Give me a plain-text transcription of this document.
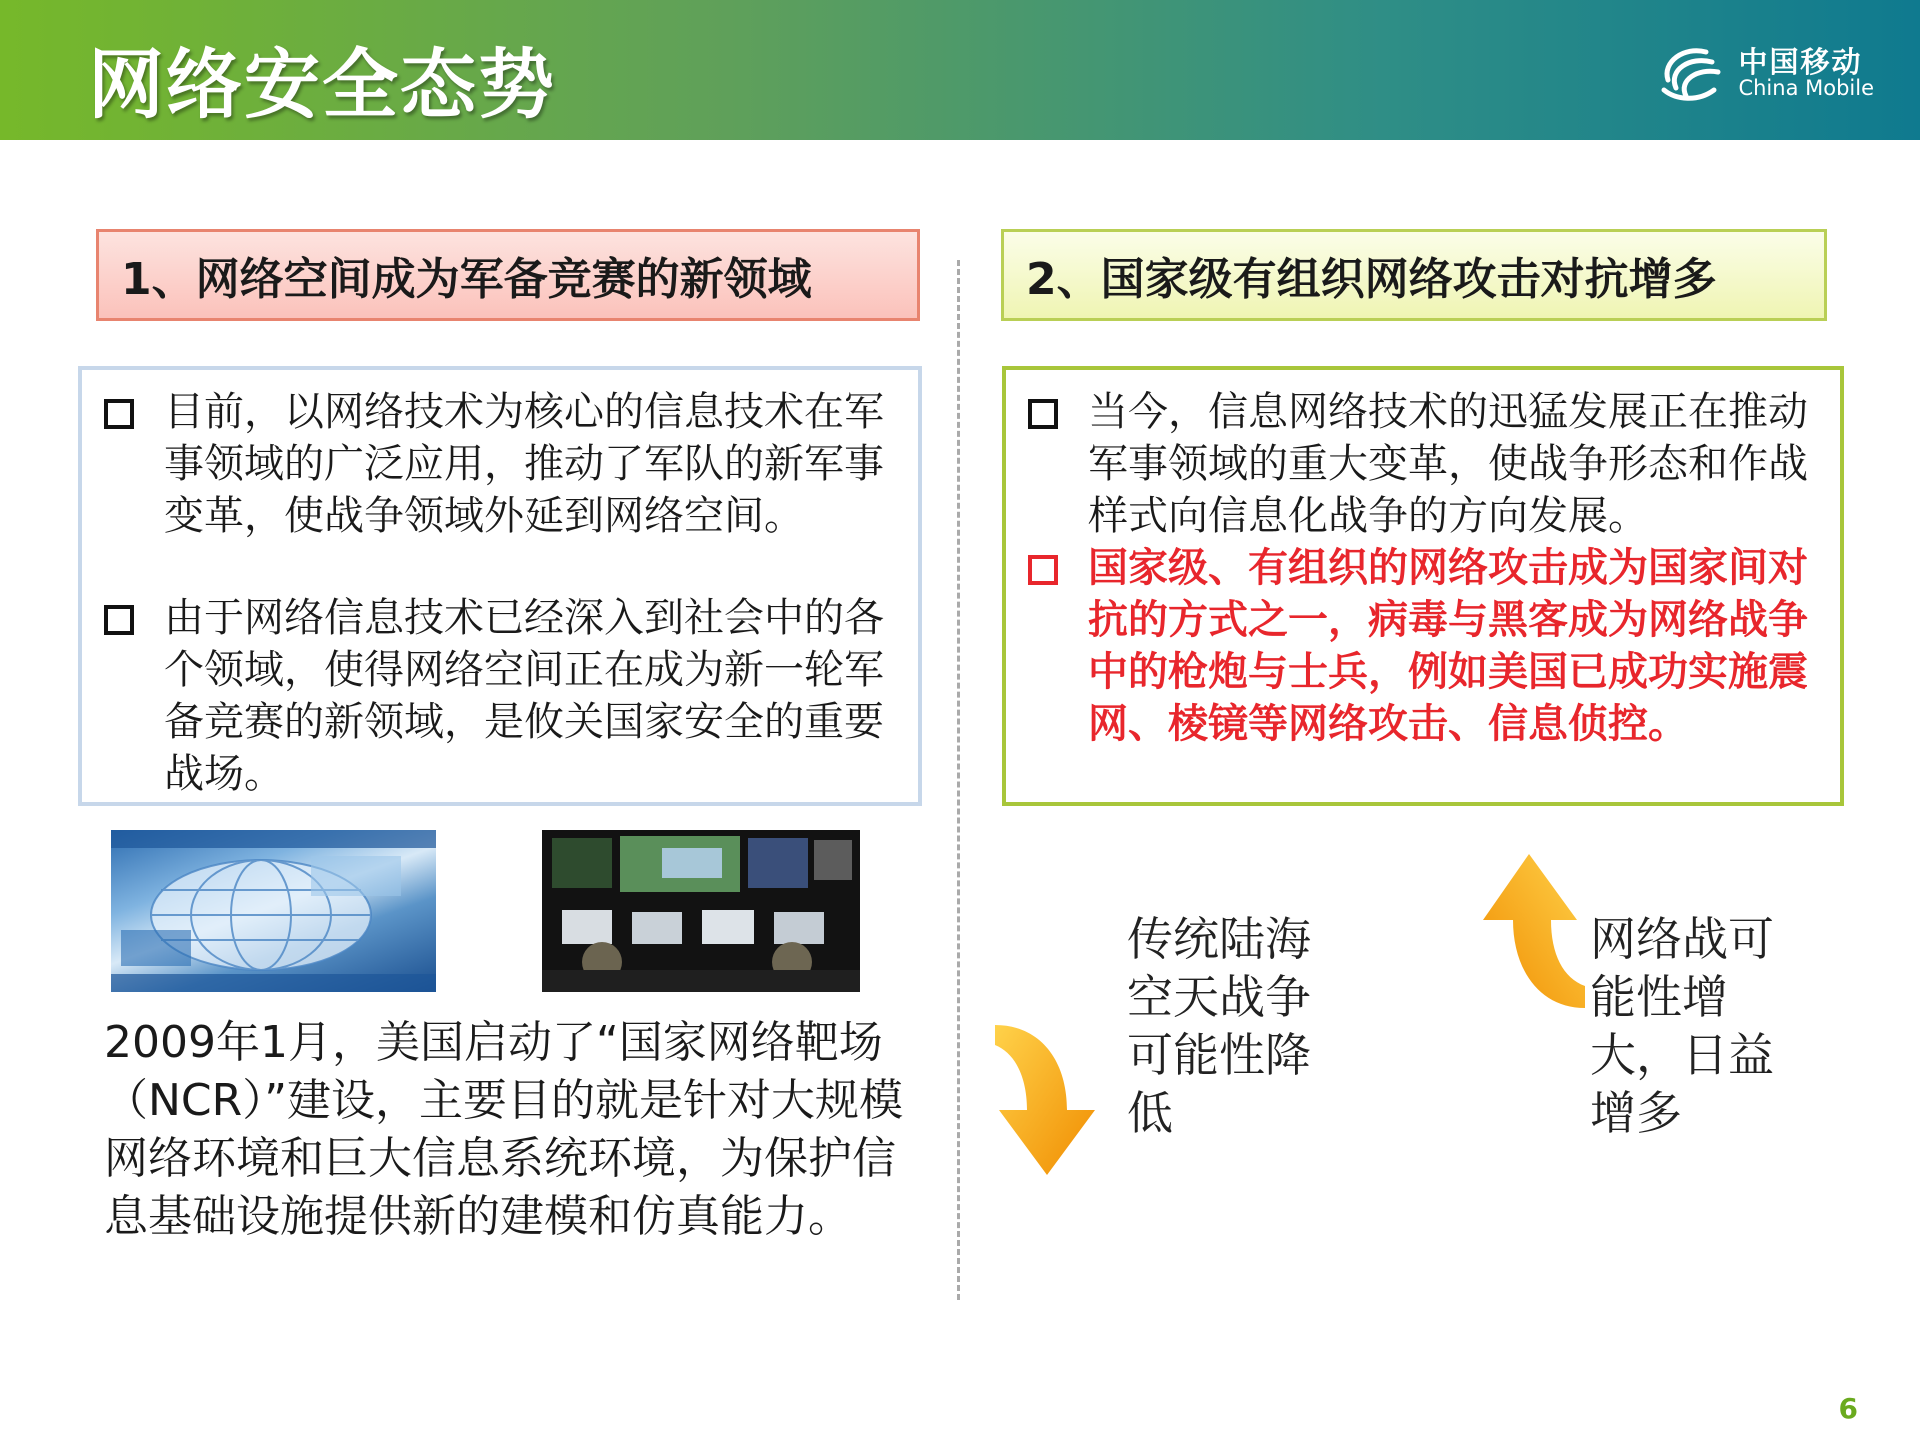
网络安全态势	中国移动
China Mobile
1、网络空间成为军备竞赛的新领域	2、国家级有组织网络攻击对抗增多
目前，以网络技术为核心的信息技术在军事领域的广泛应用，推动了军队的新军事变革，使战争领域外延到网络空间。
由于网络信息技术已经深入到社会中的各个领域，使得网络空间正在成为新一轮军备竞赛的新领域，是攸关国家安全的重要战场。
当今，信息网络技术的迅猛发展正在推动军事领域的重大变革，使战争形态和作战样式向信息化战争的方向发展。
国家级、有组织的网络攻击成为国家间对抗的方式之一，病毒与黑客成为网络战争中的枪炮与士兵，例如美国已成功实施震网、棱镜等网络攻击、信息侦控。
2009年1月，美国启动了“国家网络靶场（NCR）”建设，主要目的就是针对大规模网络环境和巨大信息系统环境，为保护信息基础设施提供新的建模和仿真能力。
传统陆海空天战争可能性降低
网络战可能性增大，日益增多
6
